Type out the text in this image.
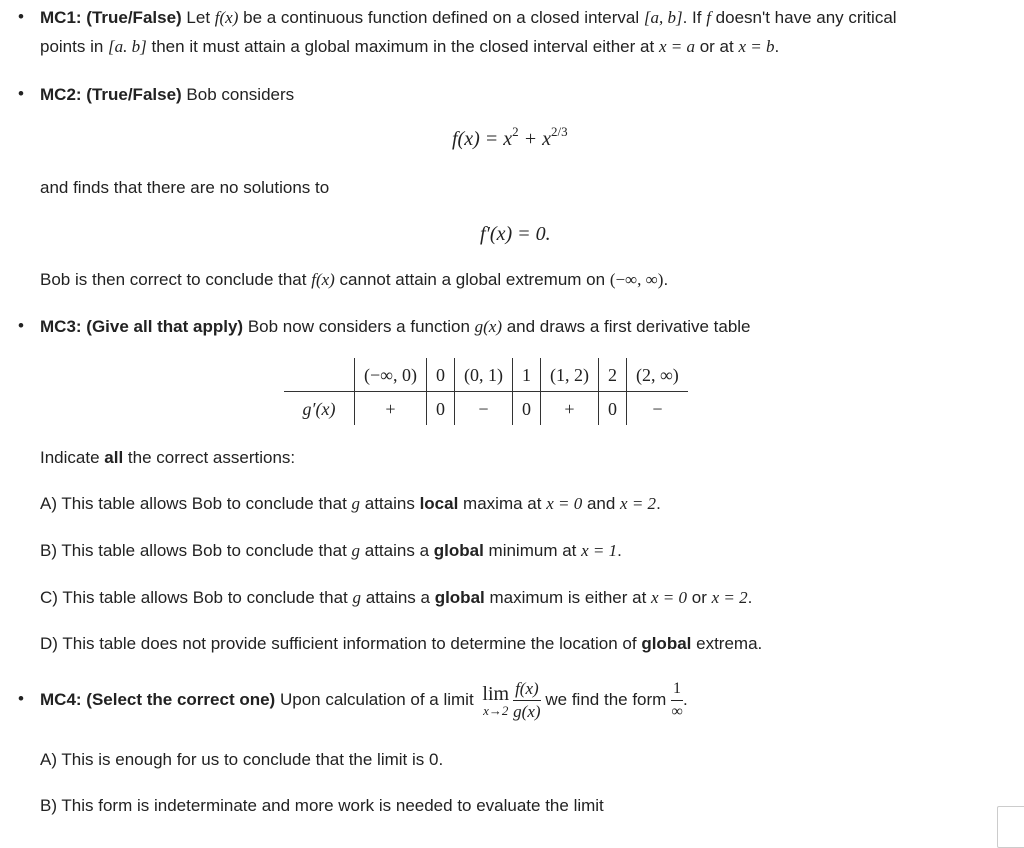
• MC1: (True/False) Let f(x) be a continuous function defined on a closed interval [a, b]. If f doesn't have any critical
points in [a. b] then it must attain a global maximum in the closed interval either at x = a or at x = b.
• MC2: (True/False) Bob considers
$f(x) = x^2 + x^{2/3}$
and finds that there are no solutions to
f′(x) = 0.
Bob is then correct to conclude that f(x) cannot attain a global extremum on (−∞, ∞).
• MC3: (Give all that apply) Bob now considers a function g(x) and draws a first derivative table
	(−∞, 0)	0	(0, 1)	1	(1, 2)	2	(2, ∞)
g′(x)	+	0	−	0	+	0	−
Indicate all the correct assertions:
A) This table allows Bob to conclude that g attains local maxima at x = 0 and x = 2.
B) This table allows Bob to conclude that g attains a global minimum at x = 1.
C) This table allows Bob to conclude that g attains a global maximum is either at x = 0 or x = 2.
D) This table does not provide sufficient information to determine the location of global extrema.
• MC4: (Select the correct one) Upon calculation of a limit lim
$x\to 2 \frac{f(x)}{g(x)}$ we find the form $\frac{1}{\infty}$ .
A) This is enough for us to conclude that the limit is 0.
B) This form is indeterminate and more work is needed to evaluate the limit
